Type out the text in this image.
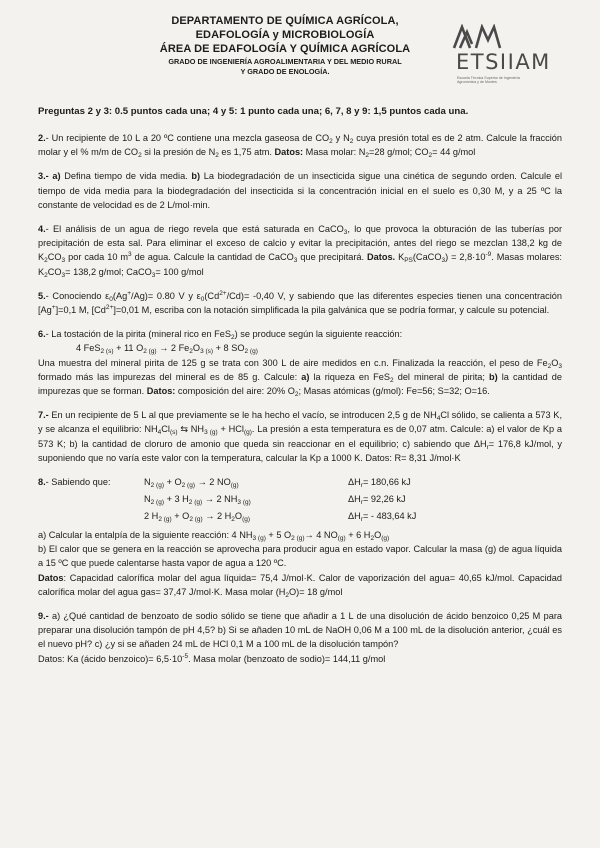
DEPARTAMENTO DE QUÍMICA AGRÍCOLA,
EDAFOLOGÍA y MICROBIOLOGÍA
ÁREA DE EDAFOLOGÍA Y QUÍMICA AGRÍCOLA
GRADO DE INGENIERÍA AGROALIMENTARIA Y DEL MEDIO RURAL
Y GRADO DE ENOLOGÍA.	ETSIIAM
Escuela Técnica Superior de Ingeniería Agronómica y de Montes
Preguntas 2 y 3: 0.5 puntos cada una; 4 y 5: 1 punto cada una; 6, 7, 8 y 9: 1,5 puntos cada una.
2.- Un recipiente de 10 L a 20 ºC contiene una mezcla gaseosa de $CO_2$ y $N_2$ cuya presión total es de 2 atm. Calcule la fracción molar y el % m/m de $CO_2$ si la presión de $N_2$ es 1,75 atm. Datos: Masa molar: $N_2=28$ g/mol; $CO_2= 44$ g/mol
3.- a) Defina tiempo de vida media. b) La biodegradación de un insecticida sigue una cinética de segundo orden. Calcule el tiempo de vida media para la biodegradación del insecticida si la concentración inicial en el suelo es 0,30 M, y a 25 ºC la constante de velocidad es de 2 L/mol·min.
4.- El análisis de un agua de riego revela que está saturada en CaCO$_3$, lo que provoca la obturación de las tuberías por precipitación de esta sal. Para eliminar el exceso de calcio y evitar la precipitación, antes del riego se mezclan 138,2 kg de $K_2CO_3$ por cada 10 $m^3$ de agua. Calcule la cantidad de CaCO$_3$ que precipitará. Datos. $K_{PS}(CaCO_3) = 2,8\cdot 10^{-9}$. Masas molares: $K_2CO_3= 138,2$ g/mol; CaCO$_3$= 100 g/mol
5.- Conociendo $\varepsilon_0(Ag^+/Ag)= 0.80$ V y $\varepsilon_0(Cd^{2+}/Cd)= -0,40$ V, y sabiendo que las diferentes especies tienen una concentración [Ag+]=0,1 M, $[Cd^{2+}]=0,01$ M, escriba con la notación simplificada la pila galvánica que se podría formar, y calcule su potencial.
6.- La tostación de la pirita (mineral rico en FeS$_2$) se produce según la siguiente reacción:
4 FeS$_{2 (s)}$ + 11 $O_{2 (g)} \to 2$ $Fe_2O_{3 (s)} + 8$ $SO_{2 (g)}$
Una muestra del mineral pirita de 125 g se trata con 300 L de aire medidos en c.n. Finalizada la reacción, el peso de $Fe_2O_3$ formado más las impurezas del mineral es de 85 g. Calcule: a) la riqueza en FeS$_2$ del mineral de pirita; b) la cantidad de impurezas que se forman. Datos: composición del aire: 20% $O_2$; Masas atómicas (g/mol): Fe=56; S=32; O=16.
7.- En un recipiente de 5 L al que previamente se le ha hecho el vacío, se introducen 2,5 g de $NH_4Cl$ sólido, se calienta a 573 K, y se alcanza el equilibrio: $NH_4Cl_{(s)}$ ⇆ $NH_{3 (g)} + HCl_{(g)}$. La presión a esta temperatura es de 0,07 atm. Calcule: a) el valor de Kp a 573 K; b) la cantidad de cloruro de amonio que queda sin reaccionar en el equilibrio; c) sabiendo que $\Delta H_r= 176,8$ kJ/mol, y suponiendo que no varía este valor con la temperatura, calcular la Kp a 1000 K. Datos: R= 8,31 J/mol·K
8.- Sabiendo que:	$N_{2 (g)} + O_{2 (g)} \to 2$ $NO_{(g)}$	$\Delta H_r= 180,66$ kJ
	$N_{2 (g)} + 3$ $H_{2 (g)} \to 2$ $NH_{3 (g)}$	$\Delta H_r= 92,26$ kJ
	2 $H_{2 (g)} + O_{2 (g)} \to 2$ $H_2O_{(g)}$	$\Delta H_r= - 483,64$ kJ
a) Calcular la entalpía de la siguiente reacción: 4 $NH_{3 (g)} + 5$ $O_{2 (g)}\to 4$ $NO_{(g)} + 6$ $H_2O_{(g)}$
b) El calor que se genera en la reacción se aprovecha para producir agua en estado vapor. Calcular la masa (g) de agua líquida a 15 ºC que puede calentarse hasta vapor de agua a 120 ºC.
Datos: Capacidad calorífica molar del agua líquida= 75,4 J/mol·K. Calor de vaporización del agua= 40,65 kJ/mol. Capacidad calorífica molar del agua gas= 37,47 J/mol·K. Masa molar $(H_2O)= 18$ g/mol
9.- a) ¿Qué cantidad de benzoato de sodio sólido se tiene que añadir a 1 L de una disolución de ácido benzoico 0,25 M para preparar una disolución tampón de pH 4,5? b) Si se añaden 10 mL de NaOH 0,06 M a 100 mL de la disolución anterior, ¿cuál es el nuevo pH? c) ¿y si se añaden 24 mL de HCl 0,1 M a 100 mL de la disolución tampón?
Datos: Ka (ácido benzoico)= $6,5\cdot 10^{-5}$. Masa molar (benzoato de sodio)= 144,11 g/mol
